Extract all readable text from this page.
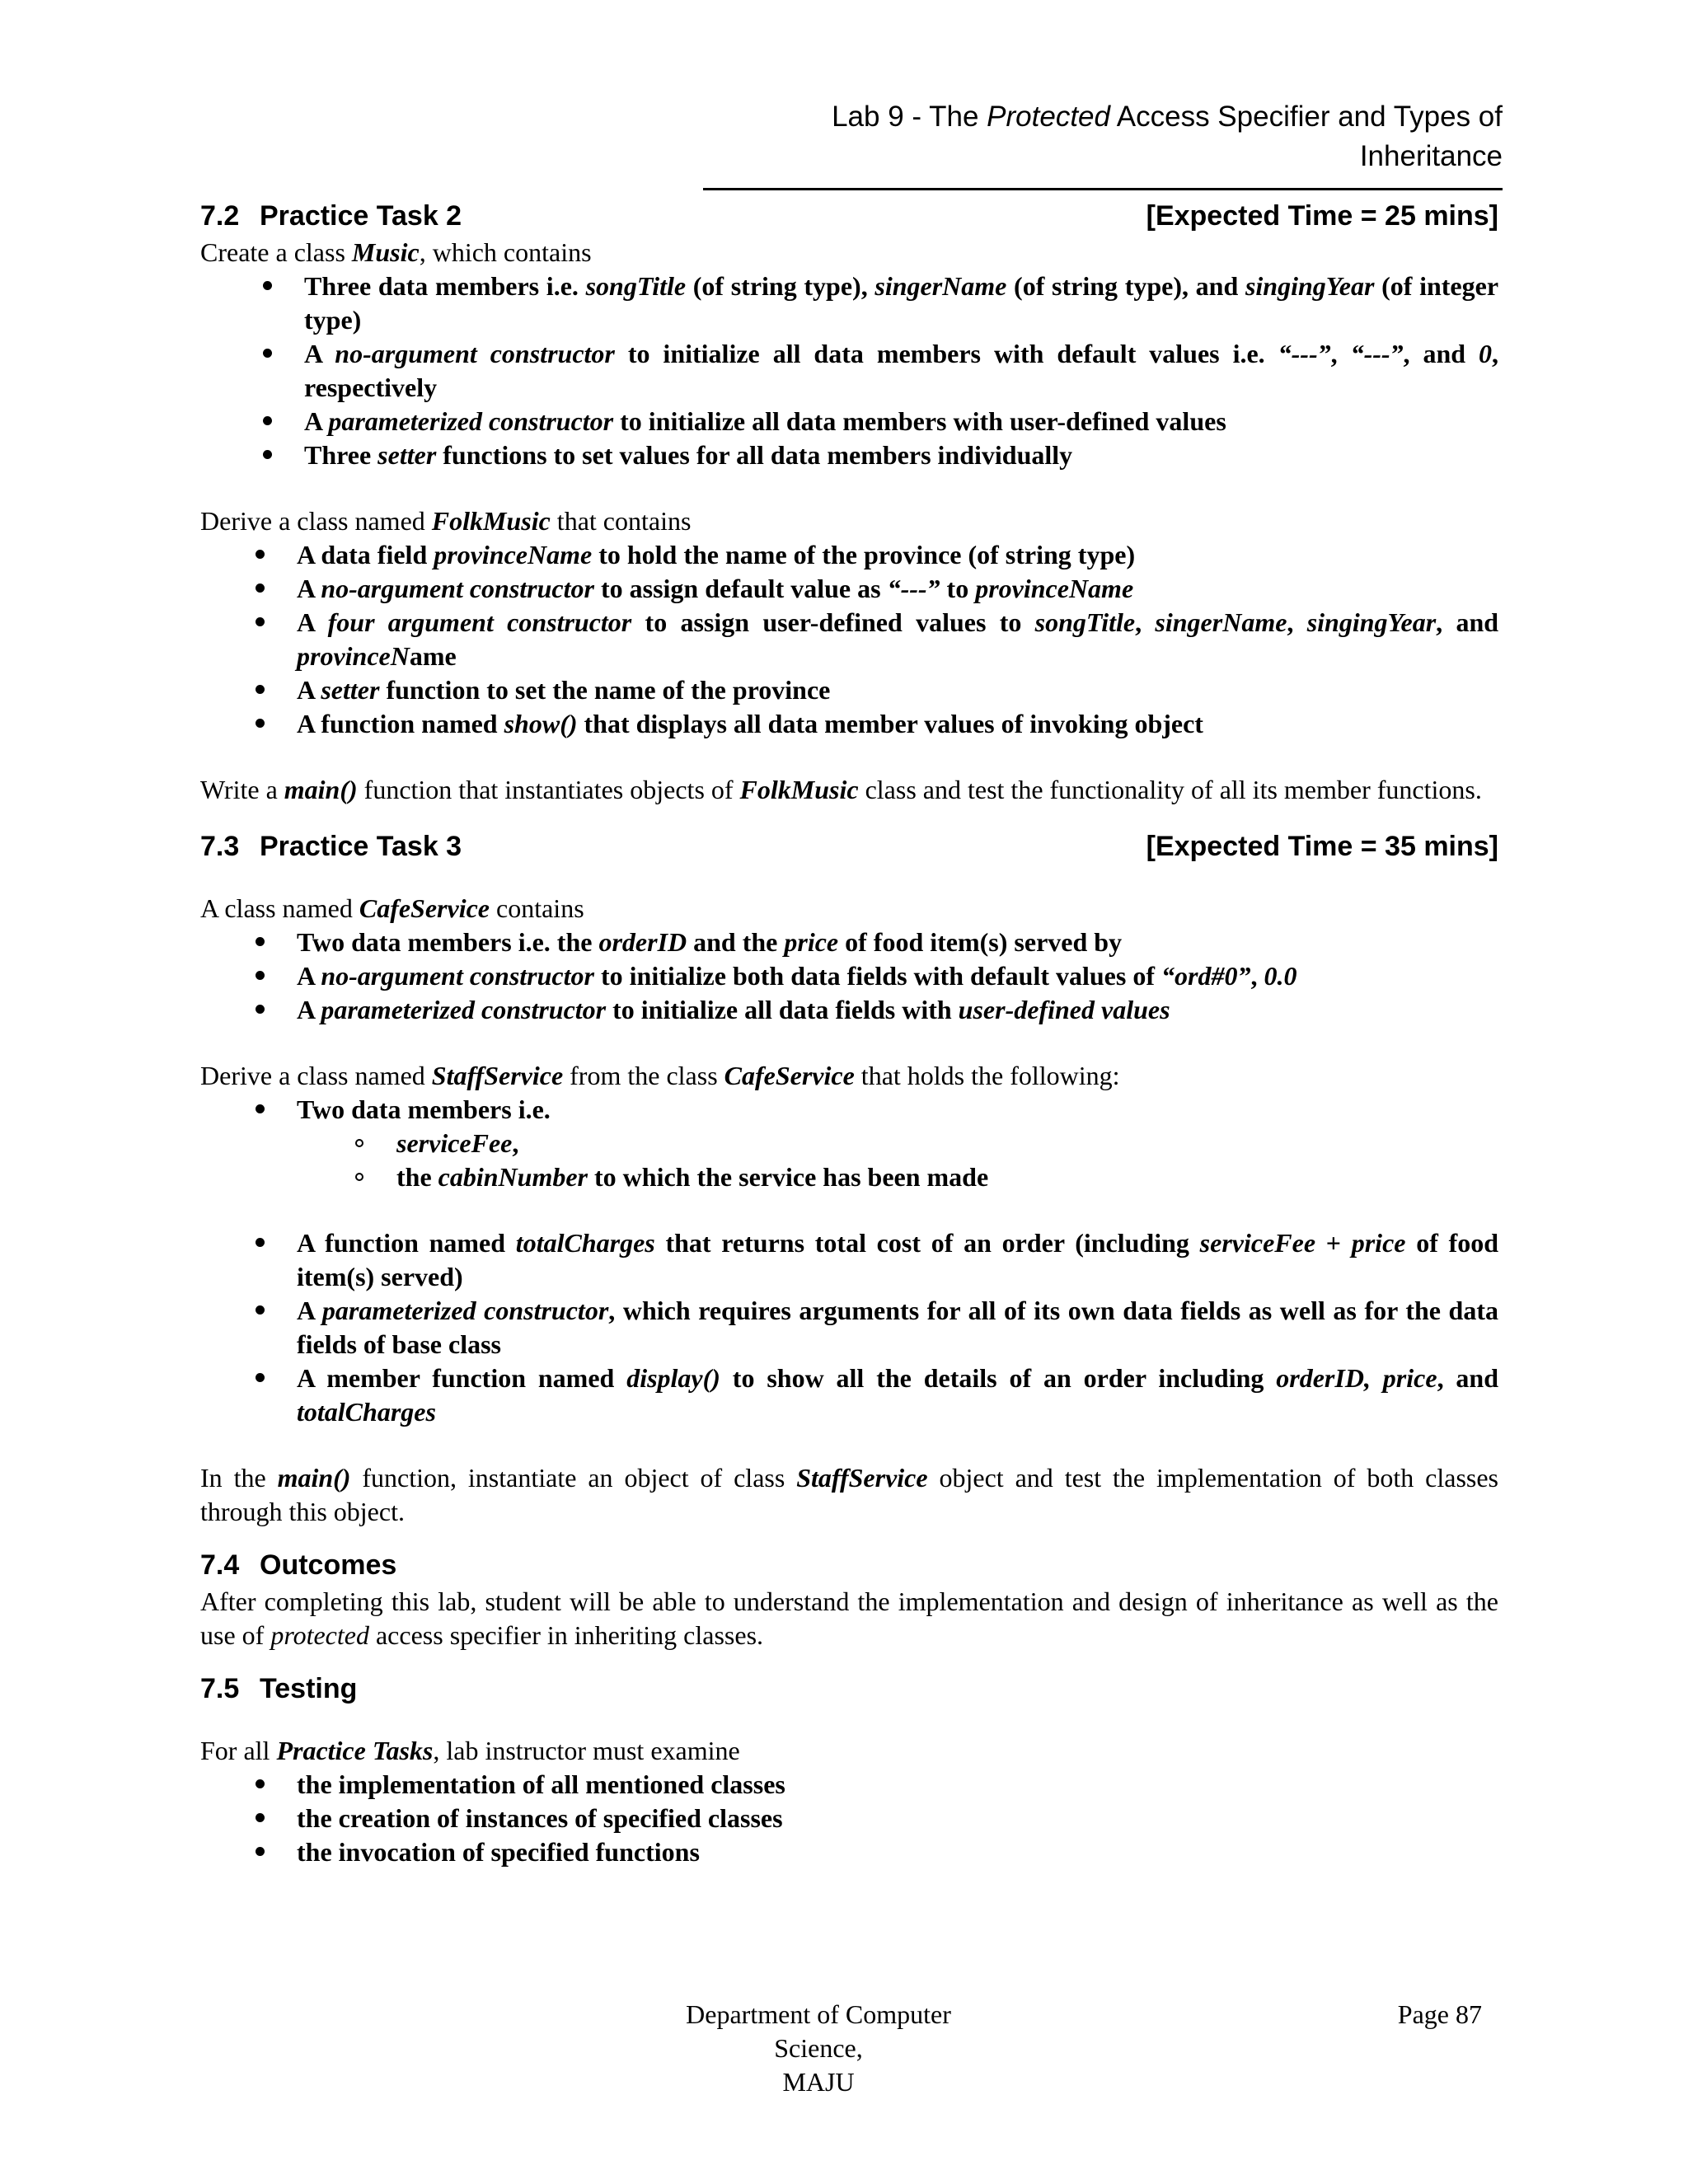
Lab 9 - The Protected Access Specifier and Types of Inheritance
7.2 Practice Task 2	[Expected Time = 25 mins]

Create a class Music, which contains

Three data members i.e. songTitle (of string type), singerName (of string type), and singingYear (of integer type)
A no-argument constructor to initialize all data members with default values i.e. “---”, “---”, and 0, respectively
A parameterized constructor to initialize all data members with user-defined values
Three setter functions to set values for all data members individually

Derive a class named FolkMusic that contains

A data field provinceName to hold the name of the province (of string type)
A no-argument constructor to assign default value as “---” to provinceName
A four argument constructor to assign user-defined values to songTitle, singerName, singingYear, and provinceName
A setter function to set the name of the province
A function named show() that displays all data member values of invoking object

Write a main() function that instantiates objects of FolkMusic class and test the functionality of all its member functions.

7.3 Practice Task 3	[Expected Time = 35 mins]

A class named CafeService contains

Two data members i.e. the orderID and the price of food item(s) served by
A no-argument constructor to initialize both data fields with default values of “ord#0”, 0.0
A parameterized constructor to initialize all data fields with user-defined values

Derive a class named StaffService from the class CafeService that holds the following:

Two data members i.e.
serviceFee,
the cabinNumber to which the service has been made
A function named totalCharges that returns total cost of an order (including serviceFee + price of food item(s) served)
A parameterized constructor, which requires arguments for all of its own data fields as well as for the data fields of base class
A member function named display() to show all the details of an order including orderID, price, and totalCharges

In the main() function, instantiate an object of class StaffService object and test the implementation of both classes through this object.

7.4 Outcomes

After completing this lab, student will be able to understand the implementation and design of inheritance as well as the use of protected access specifier in inheriting classes.

7.5 Testing

For all Practice Tasks, lab instructor must examine

the implementation of all mentioned classes
the creation of instances of specified classes
the invocation of specified functions
Department of Computer Science,
MAJU
Page 87
